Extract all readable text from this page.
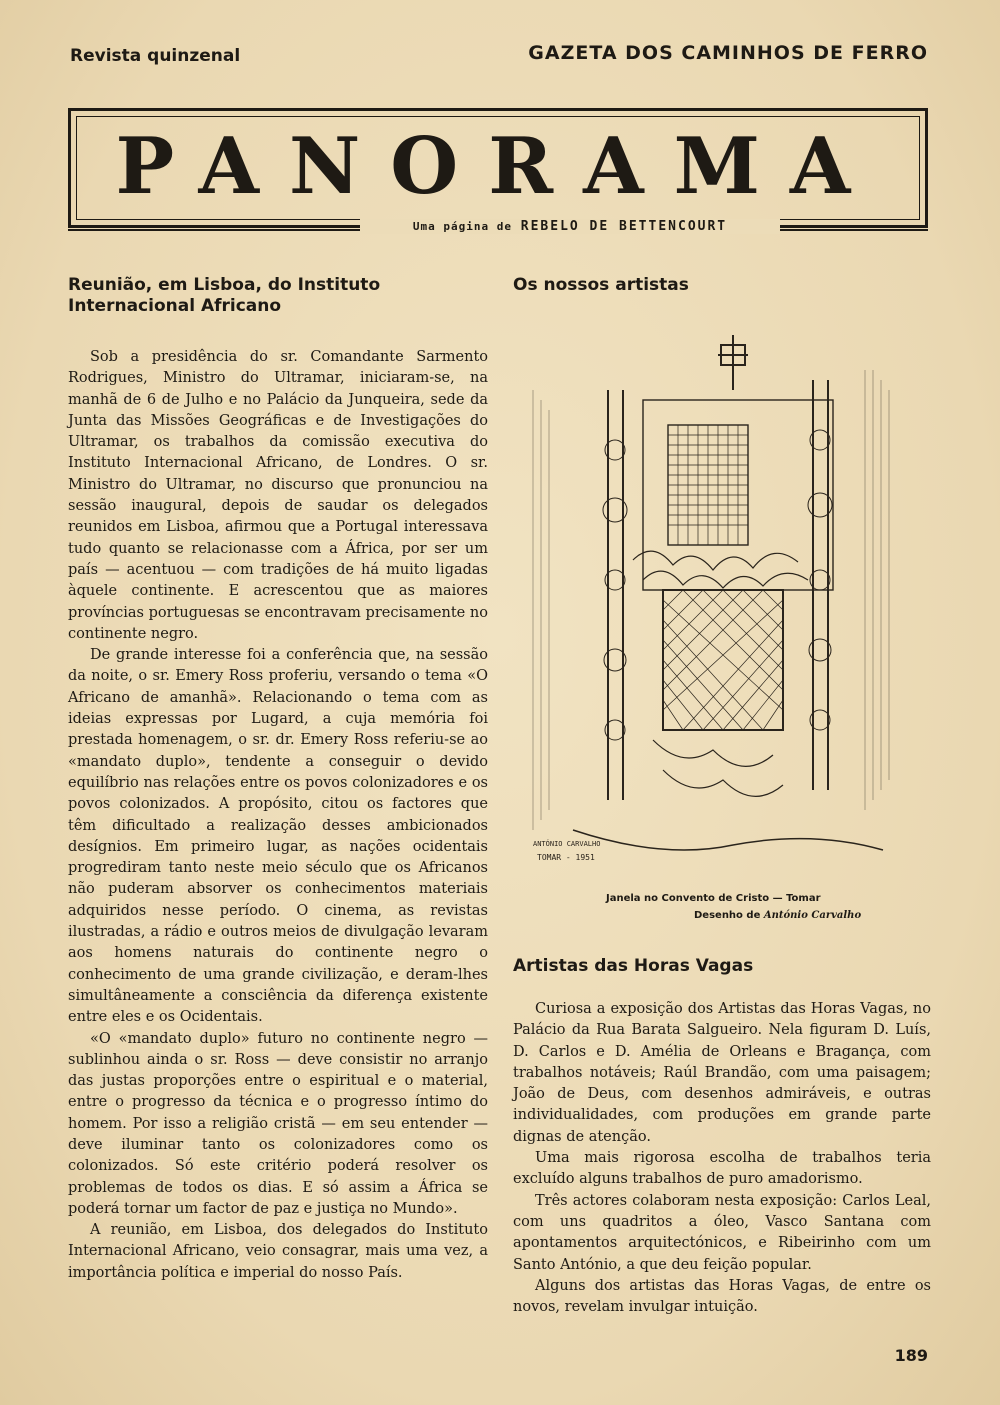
Revista quinzenal	GAZETA DOS CAMINHOS DE FERRO
PANORAMA
Uma página de REBELO DE BETTENCOURT
Reunião, em Lisboa, do Instituto Internacional Africano

Sob a presidência do sr. Comandante Sarmento Rodrigues, Ministro do Ultramar, iniciaram-se, na manhã de 6 de Julho e no Palácio da Junqueira, sede da Junta das Missões Geográficas e de Investigações do Ultramar, os trabalhos da comissão executiva do Instituto Internacional Africano, de Londres. O sr. Ministro do Ultramar, no discurso que pronunciou na sessão inaugural, depois de saudar os delegados reunidos em Lisboa, afirmou que a Portugal interessava tudo quanto se relacionasse com a África, por ser um país — acentuou — com tradições de há muito ligadas àquele continente. E acrescentou que as maiores províncias portuguesas se encontravam precisamente no continente negro.

De grande interesse foi a conferência que, na sessão da noite, o sr. Emery Ross proferiu, versando o tema «O Africano de amanhã». Relacionando o tema com as ideias expressas por Lugard, a cuja memória foi prestada homenagem, o sr. dr. Emery Ross referiu-se ao «mandato duplo», tendente a conseguir o devido equilíbrio nas relações entre os povos colonizadores e os povos colonizados. A propósito, citou os factores que têm dificultado a realização desses ambicionados desígnios. Em primeiro lugar, as nações ocidentais progrediram tanto neste meio século que os Africanos não puderam absorver os conhecimentos materiais adquiridos nesse período. O cinema, as revistas ilustradas, a rádio e outros meios de divulgação levaram aos homens naturais do continente negro o conhecimento de uma grande civilização, e deram-lhes simultâneamente a consciência da diferença existente entre eles e os Ocidentais.

«O «mandato duplo» futuro no continente negro — sublinhou ainda o sr. Ross — deve consistir no arranjo das justas proporções entre o espiritual e o material, entre o progresso da técnica e o progresso íntimo do homem. Por isso a religião cristã — em seu entender — deve iluminar tanto os colonizadores como os colonizados. Só este critério poderá resolver os problemas de todos os dias. E só assim a África se poderá tornar um factor de paz e justiça no Mundo».

A reunião, em Lisboa, dos delegados do Instituto Internacional Africano, veio consagrar, mais uma vez, a importância política e imperial do nosso País.

Os nossos artistas
ANTÓNIO CARVALHO
TOMAR - 1951
Janela no Convento de Cristo — Tomar
Desenho de António Carvalho
Artistas das Horas Vagas

Curiosa a exposição dos Artistas das Horas Vagas, no Palácio da Rua Barata Salgueiro. Nela figuram D. Luís, D. Carlos e D. Amélia de Orleans e Bragança, com trabalhos notáveis; Raúl Brandão, com uma paisagem; João de Deus, com desenhos admiráveis, e outras individualidades, com produções em grande parte dignas de atenção.

Uma mais rigorosa escolha de trabalhos teria excluído alguns trabalhos de puro amadorismo.

Três actores colaboram nesta exposição: Carlos Leal, com uns quadritos a óleo, Vasco Santana com apontamentos arquitectónicos, e Ribeirinho com um Santo António, a que deu feição popular.

Alguns dos artistas das Horas Vagas, de entre os novos, revelam invulgar intuição.

189
